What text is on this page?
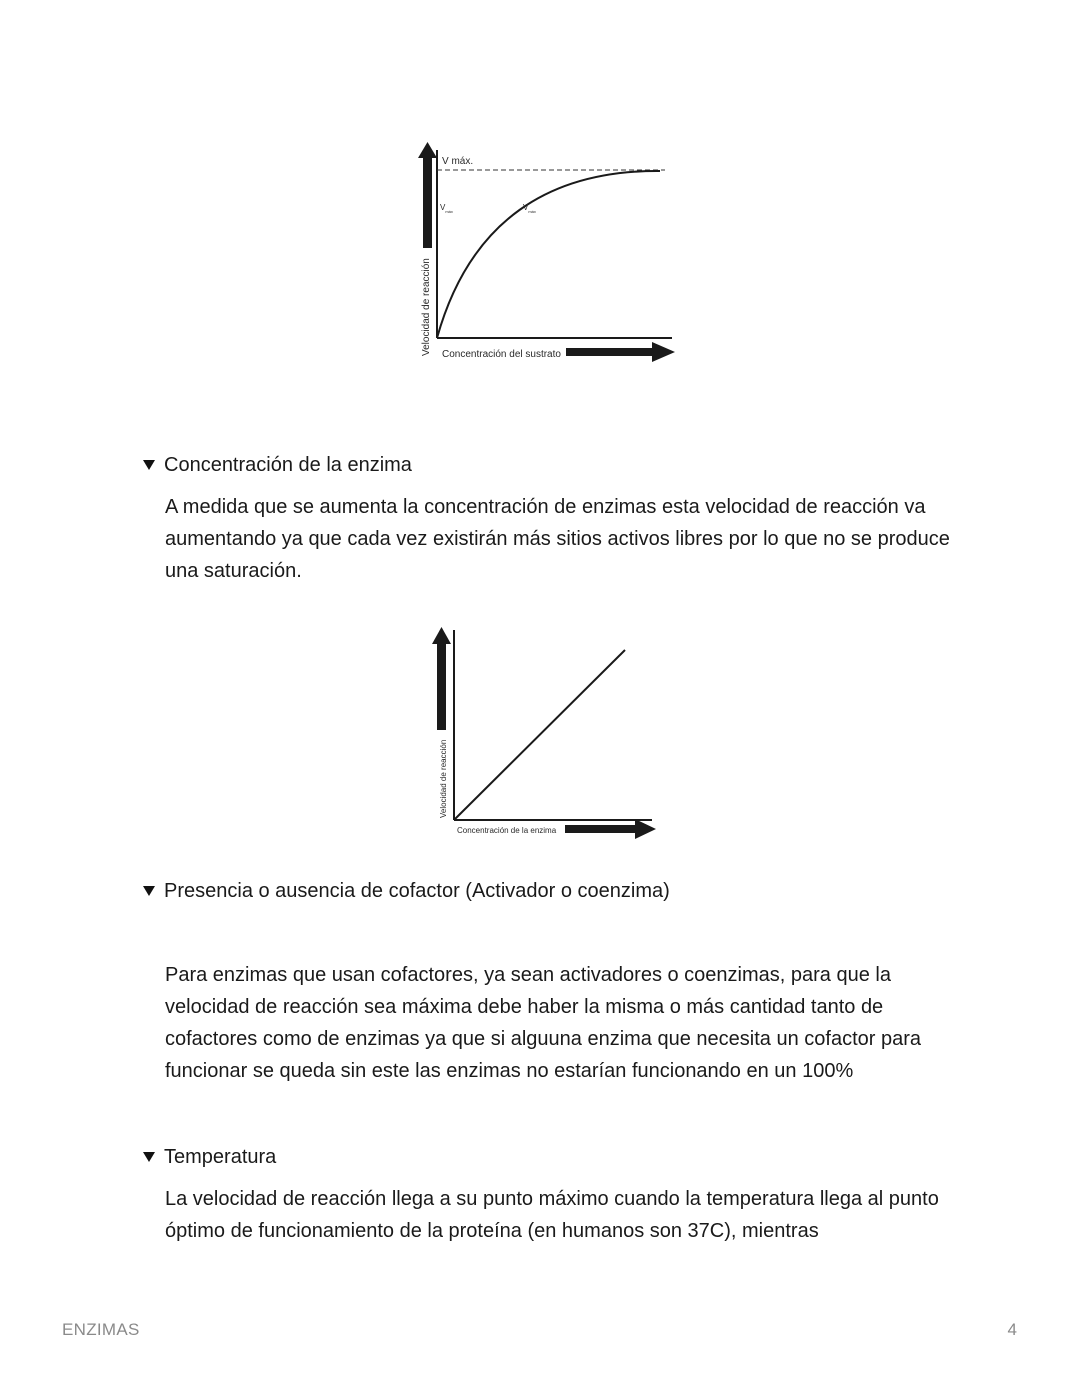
V máx.
$V_{máx}$	$V_{máx}$
Velocidad de reacción Concentración del sustrato
Concentración de la enzima

A medida que se aumenta la concentración de enzimas esta velocidad de reacción va aumentando ya que cada vez existirán más sitios activos libres por lo que no se produce una saturación.

Velocidad de reacción
Concentración de la enzima
Presencia o ausencia de cofactor (Activador o coenzima)

Para enzimas que usan cofactores, ya sean activadores o coenzimas, para que la velocidad de reacción sea máxima debe haber la misma o más cantidad tanto de cofactores como de enzimas ya que si alguuna enzima que necesita un cofactor para funcionar se queda sin este las enzimas no estarían funcionando en un 100%

Temperatura

La velocidad de reacción llega a su punto máximo cuando la temperatura llega al punto óptimo de funcionamiento de la proteína (en humanos son 37C), mientras

ENZIMAS	4
